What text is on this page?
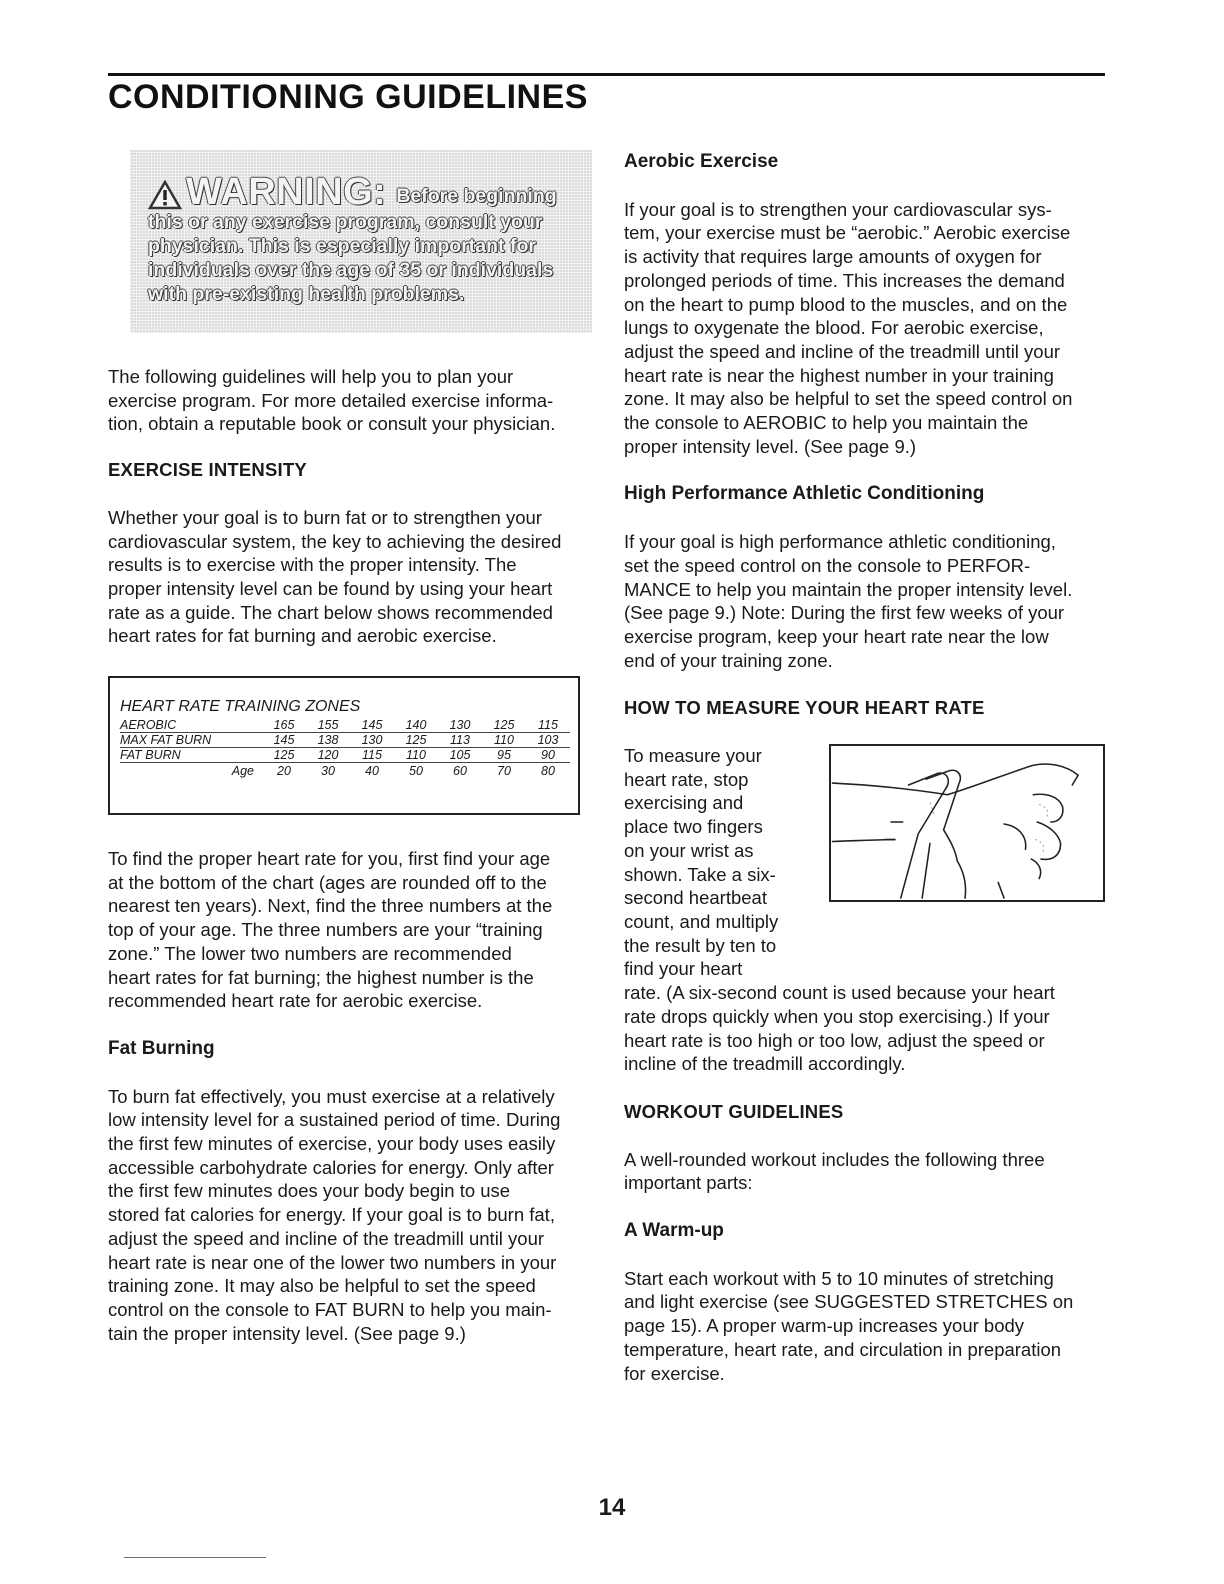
CONDITIONING GUIDELINES
WARNING: Before beginning
this or any exercise program, consult your
physician. This is especially important for
individuals over the age of 35 or individuals
with pre-existing health problems.

The following guidelines will help you to plan your

exercise program. For more detailed exercise informa-

tion, obtain a reputable book or consult your physician.

EXERCISE INTENSITY

Whether your goal is to burn fat or to strengthen your

cardiovascular system, the key to achieving the desired

results is to exercise with the proper intensity. The

proper intensity level can be found by using your heart

rate as a guide. The chart below shows recommended

heart rates for fat burning and aerobic exercise.

HEART RATE TRAINING ZONES
AEROBIC	165	155	145	140	130	125	115
MAX FAT BURN	145	138	130	125	113	110	103
FAT BURN	125	120	115	110	105	95	90
Age	20	30	40	50	60	70	80

To find the proper heart rate for you, first find your age

at the bottom of the chart (ages are rounded off to the

nearest ten years). Next, find the three numbers at the

top of your age. The three numbers are your “training

zone.” The lower two numbers are recommended

heart rates for fat burning; the highest number is the

recommended heart rate for aerobic exercise.

Fat Burning

To burn fat effectively, you must exercise at a relatively

low intensity level for a sustained period of time. During

the first few minutes of exercise, your body uses easily

accessible carbohydrate calories for energy. Only after

the first few minutes does your body begin to use

stored fat calories for energy. If your goal is to burn fat,

adjust the speed and incline of the treadmill until your

heart rate is near one of the lower two numbers in your

training zone. It may also be helpful to set the speed

control on the console to FAT BURN to help you main-

tain the proper intensity level. (See page 9.)

Aerobic Exercise

If your goal is to strengthen your cardiovascular sys-

tem, your exercise must be “aerobic.” Aerobic exercise

is activity that requires large amounts of oxygen for

prolonged periods of time. This increases the demand

on the heart to pump blood to the muscles, and on the

lungs to oxygenate the blood. For aerobic exercise,

adjust the speed and incline of the treadmill until your

heart rate is near the highest number in your training

zone. It may also be helpful to set the speed control on

the console to AEROBIC to help you maintain the

proper intensity level. (See page 9.)

High Performance Athletic Conditioning

If your goal is high performance athletic conditioning,

set the speed control on the console to PERFOR-

MANCE to help you maintain the proper intensity level.

(See page 9.) Note: During the first few weeks of your

exercise program, keep your heart rate near the low

end of your training zone.

HOW TO MEASURE YOUR HEART RATE

To measure your

heart rate, stop

exercising and

place two fingers

on your wrist as

shown. Take a six-

second heartbeat

count, and multiply

the result by ten to

find your heart

rate. (A six-second count is used because your heart

rate drops quickly when you stop exercising.) If your

heart rate is too high or too low, adjust the speed or

incline of the treadmill accordingly.

WORKOUT GUIDELINES

A well-rounded workout includes the following three

important parts:

A Warm-up

Start each workout with 5 to 10 minutes of stretching

and light exercise (see SUGGESTED STRETCHES on

page 15). A proper warm-up increases your body

temperature, heart rate, and circulation in preparation

for exercise.

14
